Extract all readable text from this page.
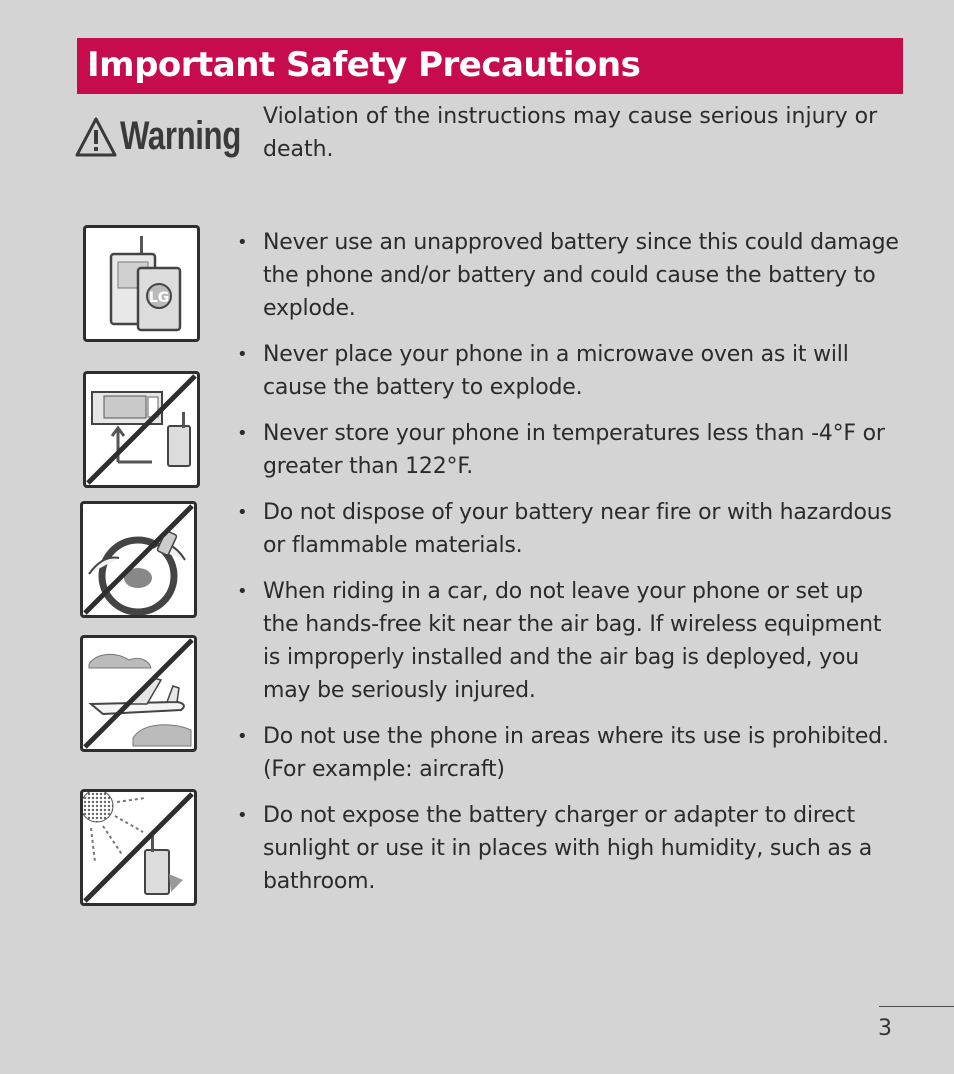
Important Safety Precautions
Warning Violation of the instructions may cause serious injury or death.
LG
• Never use an unapproved battery since this could damage the phone and/or battery and could cause the battery to explode.
• Never place your phone in a microwave oven as it will cause the battery to explode.
• Never store your phone in temperatures less than -4°F or greater than 122°F.
• Do not dispose of your battery near fire or with hazardous or flammable materials.
• When riding in a car, do not leave your phone or set up the hands-free kit near the air bag. If wireless equipment is improperly installed and the air bag is deployed, you may be seriously injured.
• Do not use the phone in areas where its use is prohibited. (For example: aircraft)
• Do not expose the battery charger or adapter to direct sunlight or use it in places with high humidity, such as a bathroom.
3
